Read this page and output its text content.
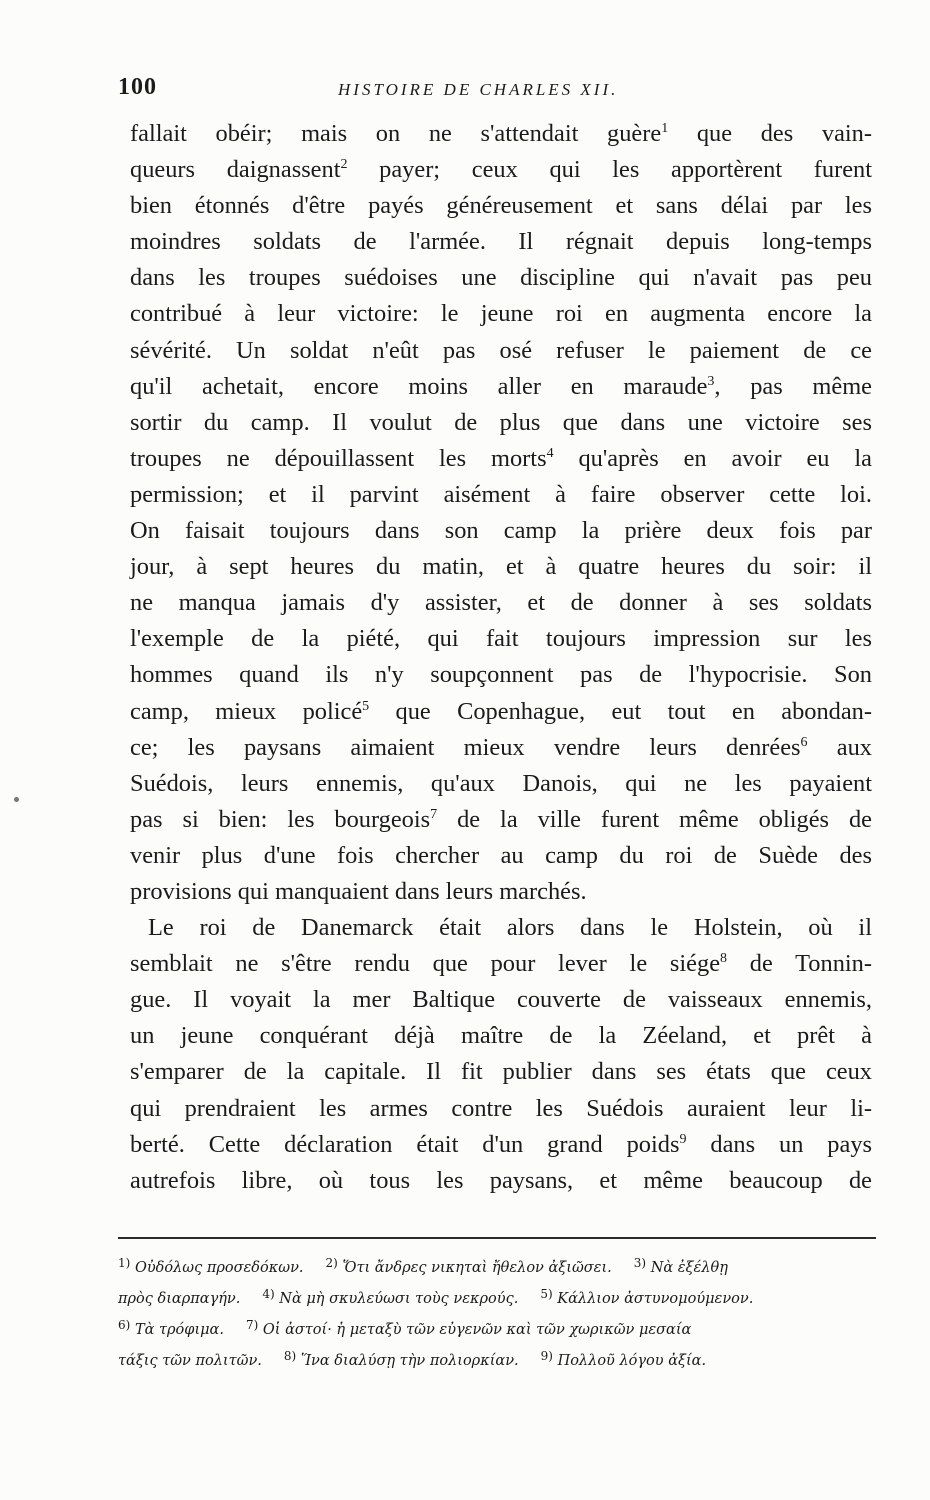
100	HISTOIRE DE CHARLES XII.
fallait obéir; mais on ne s'attendait guère$^1$ que des vain-
queurs daignassent$^2$ payer; ceux qui les apportèrent furent
bien étonnés d'être payés généreusement et sans délai par les
moindres soldats de l'armée. Il régnait depuis long-temps
dans les troupes suédoises une discipline qui n'avait pas peu
contribué à leur victoire: le jeune roi en augmenta encore la
sévérité. Un soldat n'eût pas osé refuser le paiement de ce
qu'il achetait, encore moins aller en maraude$^3$, pas même
sortir du camp. Il voulut de plus que dans une victoire ses
troupes ne dépouillassent les morts$^4$ qu'après en avoir eu la
permission; et il parvint aisément à faire observer cette loi.
On faisait toujours dans son camp la prière deux fois par
jour, à sept heures du matin, et à quatre heures du soir: il
ne manqua jamais d'y assister, et de donner à ses soldats
l'exemple de la piété, qui fait toujours impression sur les
hommes quand ils n'y soupçonnent pas de l'hypocrisie. Son
camp, mieux policé$^5$ que Copenhague, eut tout en abondan-
ce; les paysans aimaient mieux vendre leurs denrées$^6$ aux
Suédois, leurs ennemis, qu'aux Danois, qui ne les payaient
pas si bien: les bourgeois$^7$ de la ville furent même obligés de
venir plus d'une fois chercher au camp du roi de Suède des
provisions qui manquaient dans leurs marchés.
Le roi de Danemarck était alors dans le Holstein, où il
semblait ne s'être rendu que pour lever le siége$^8$ de Tonnin-
gue. Il voyait la mer Baltique couverte de vaisseaux ennemis,
un jeune conquérant déjà maître de la Zéeland, et prêt à
s'emparer de la capitale. Il fit publier dans ses états que ceux
qui prendraient les armes contre les Suédois auraient leur li-
berté. Cette déclaration était d'un grand poids$^9$ dans un pays
autrefois libre, où tous les paysans, et même beaucoup de
$^{1)}$ Οὐδόλως προσεδόκων. $^{2)}$ Ὅτι ἄνδρες νικηταὶ ἤθελον ἀξιῶσει. $^{3)}$ Νὰ ἐξέλθῃ
πρὸς διαρπαγήν. $^{4)}$ Νὰ μὴ σκυλεύωσι τοὺς νεκρούς. $^{5)}$ Κάλλιον ἀστυνομούμενον.
$^{6)}$ Τὰ τρόφιμα. $^{7)}$ Οἱ ἀστοί· ἡ μεταξὺ τῶν εὐγενῶν καὶ τῶν χωρικῶν μεσαία
τάξις τῶν πολιτῶν. $^{8)}$ Ἵνα διαλύσῃ τὴν πολιορκίαν. $^{9)}$ Πολλοῦ λόγου ἀξία.
